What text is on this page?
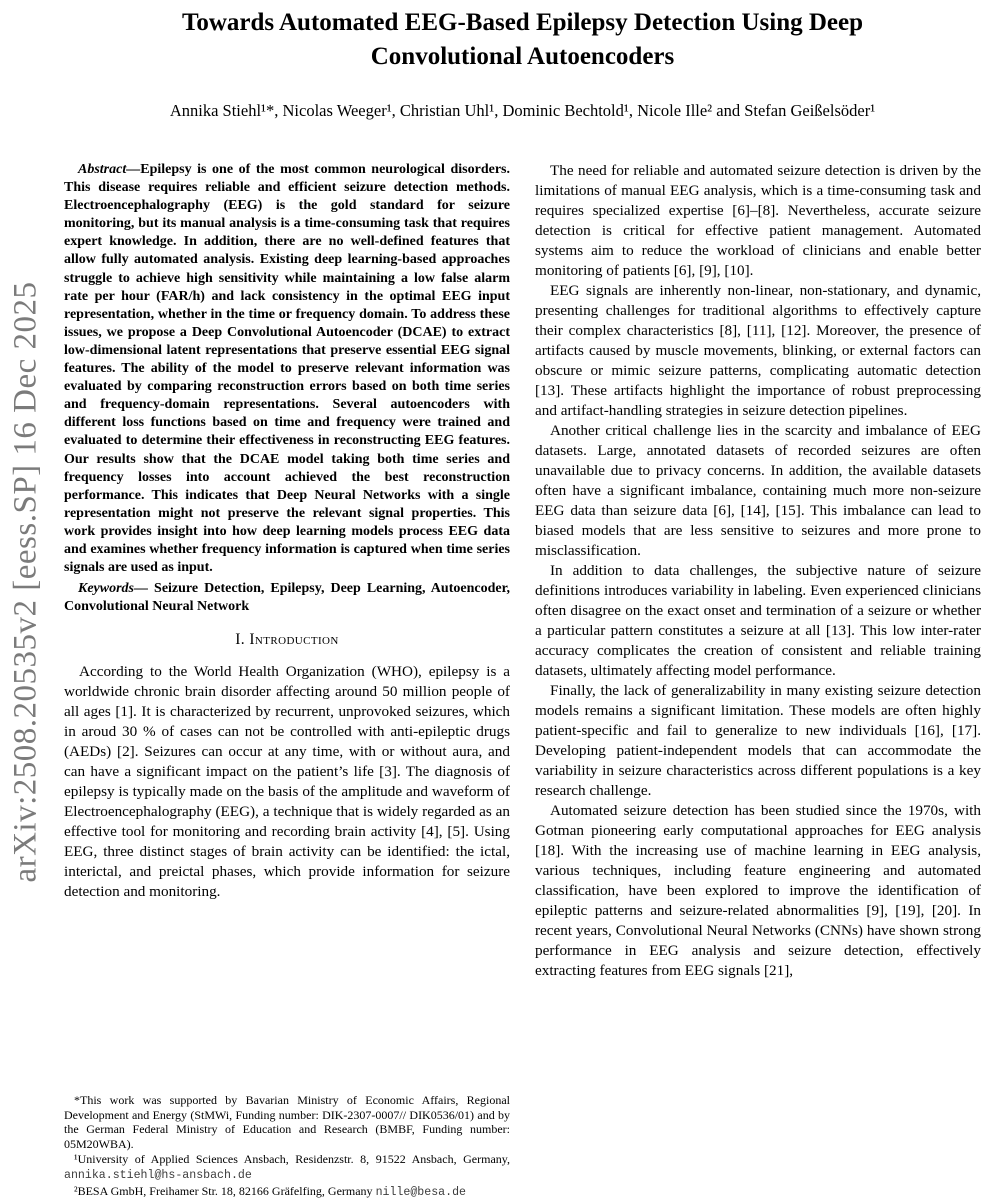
arXiv:2508.20535v2 [eess.SP] 16 Dec 2025
Towards Automated EEG-Based Epilepsy Detection Using Deep Convolutional Autoencoders
Annika Stiehl¹*, Nicolas Weeger¹, Christian Uhl¹, Dominic Bechtold¹, Nicole Ille² and Stefan Geißelsöder¹

Abstract—Epilepsy is one of the most common neurological disorders. This disease requires reliable and efficient seizure detection methods. Electroencephalography (EEG) is the gold standard for seizure monitoring, but its manual analysis is a time-consuming task that requires expert knowledge. In addition, there are no well-defined features that allow fully automated analysis. Existing deep learning-based approaches struggle to achieve high sensitivity while maintaining a low false alarm rate per hour (FAR/h) and lack consistency in the optimal EEG input representation, whether in the time or frequency domain. To address these issues, we propose a Deep Convolutional Autoencoder (DCAE) to extract low-dimensional latent representations that preserve essential EEG signal features. The ability of the model to preserve relevant information was evaluated by comparing reconstruction errors based on both time series and frequency-domain representations. Several autoencoders with different loss functions based on time and frequency were trained and evaluated to determine their effectiveness in reconstructing EEG features. Our results show that the DCAE model taking both time series and frequency losses into account achieved the best reconstruction performance. This indicates that Deep Neural Networks with a single representation might not preserve the relevant signal properties. This work provides insight into how deep learning models process EEG data and examines whether frequency information is captured when time series signals are used as input.

Keywords— Seizure Detection, Epilepsy, Deep Learning, Autoencoder, Convolutional Neural Network

I. Introduction

According to the World Health Organization (WHO), epilepsy is a worldwide chronic brain disorder affecting around 50 million people of all ages [1]. It is characterized by recurrent, unprovoked seizures, which in aroud 30 % of cases can not be controlled with anti-epileptic drugs (AEDs) [2]. Seizures can occur at any time, with or without aura, and can have a significant impact on the patient’s life [3]. The diagnosis of epilepsy is typically made on the basis of the amplitude and waveform of Electroencephalography (EEG), a technique that is widely regarded as an effective tool for monitoring and recording brain activity [4], [5]. Using EEG, three distinct stages of brain activity can be identified: the ictal, interictal, and preictal phases, which provide information for seizure detection and monitoring.

*This work was supported by Bavarian Ministry of Economic Affairs, Regional Development and Energy (StMWi, Funding number: DIK-2307-0007// DIK0536/01) and by the German Federal Ministry of Education and Research (BMBF, Funding number: 05M20WBA).

¹University of Applied Sciences Ansbach, Residenzstr. 8, 91522 Ansbach, Germany, annika.stiehl@hs-ansbach.de

²BESA GmbH, Freihamer Str. 18, 82166 Gräfelfing, Germany nille@besa.de

The need for reliable and automated seizure detection is driven by the limitations of manual EEG analysis, which is a time-consuming task and requires specialized expertise [6]–[8]. Nevertheless, accurate seizure detection is critical for effective patient management. Automated systems aim to reduce the workload of clinicians and enable better monitoring of patients [6], [9], [10].

EEG signals are inherently non-linear, non-stationary, and dynamic, presenting challenges for traditional algorithms to effectively capture their complex characteristics [8], [11], [12]. Moreover, the presence of artifacts caused by muscle movements, blinking, or external factors can obscure or mimic seizure patterns, complicating automatic detection [13]. These artifacts highlight the importance of robust preprocessing and artifact-handling strategies in seizure detection pipelines.

Another critical challenge lies in the scarcity and imbalance of EEG datasets. Large, annotated datasets of recorded seizures are often unavailable due to privacy concerns. In addition, the available datasets often have a significant imbalance, containing much more non-seizure EEG data than seizure data [6], [14], [15]. This imbalance can lead to biased models that are less sensitive to seizures and more prone to misclassification.

In addition to data challenges, the subjective nature of seizure definitions introduces variability in labeling. Even experienced clinicians often disagree on the exact onset and termination of a seizure or whether a particular pattern constitutes a seizure at all [13]. This low inter-rater accuracy complicates the creation of consistent and reliable training datasets, ultimately affecting model performance.

Finally, the lack of generalizability in many existing seizure detection models remains a significant limitation. These models are often highly patient-specific and fail to generalize to new individuals [16], [17]. Developing patient-independent models that can accommodate the variability in seizure characteristics across different populations is a key research challenge.

Automated seizure detection has been studied since the 1970s, with Gotman pioneering early computational approaches for EEG analysis [18]. With the increasing use of machine learning in EEG analysis, various techniques, including feature engineering and automated classification, have been explored to improve the identification of epileptic patterns and seizure-related abnormalities [9], [19], [20]. In recent years, Convolutional Neural Networks (CNNs) have shown strong performance in EEG analysis and seizure detection, effectively extracting features from EEG signals [21],
